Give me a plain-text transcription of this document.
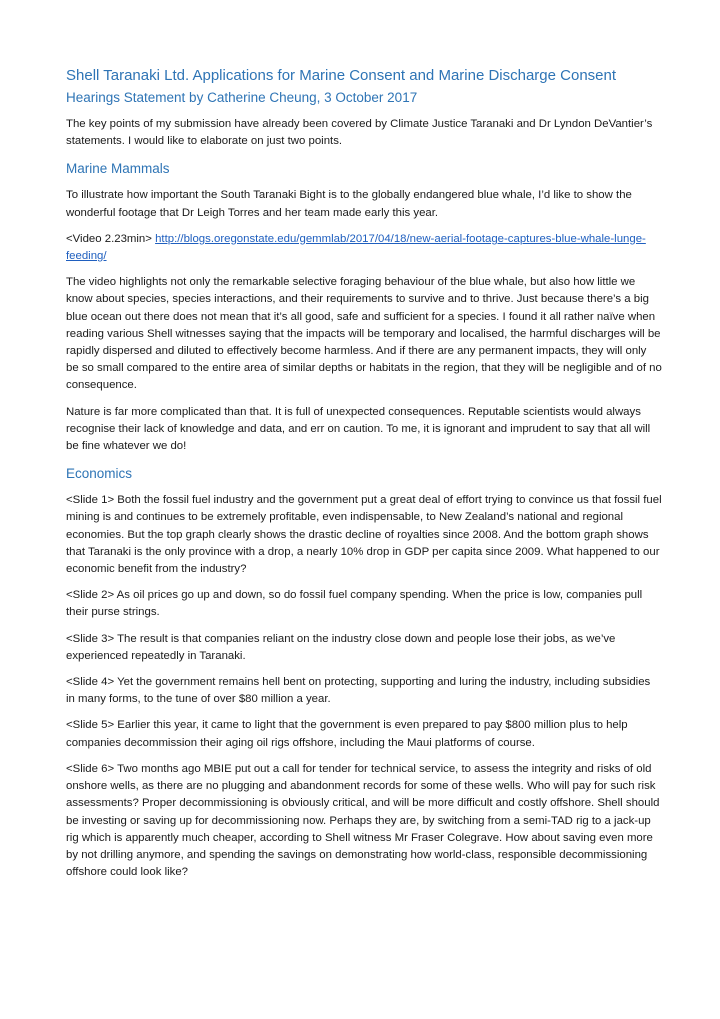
Shell Taranaki Ltd. Applications for Marine Consent and Marine Discharge Consent
Hearings Statement by Catherine Cheung, 3 October 2017

The key points of my submission have already been covered by Climate Justice Taranaki and Dr Lyndon DeVantier’s statements. I would like to elaborate on just two points.

Marine Mammals

To illustrate how important the South Taranaki Bight is to the globally endangered blue whale, I’d like to show the wonderful footage that Dr Leigh Torres and her team made early this year.

<Video 2.23min> http://blogs.oregonstate.edu/gemmlab/2017/04/18/new-aerial-footage-captures-blue-whale-lunge-feeding/

The video highlights not only the remarkable selective foraging behaviour of the blue whale, but also how little we know about species, species interactions, and their requirements to survive and to thrive. Just because there’s a big blue ocean out there does not mean that it’s all good, safe and sufficient for a species. I found it all rather naïve when reading various Shell witnesses saying that the impacts will be temporary and localised, the harmful discharges will be rapidly dispersed and diluted to effectively become harmless. And if there are any permanent impacts, they will only be so small compared to the entire area of similar depths or habitats in the region, that they will be negligible and of no consequence.

Nature is far more complicated than that. It is full of unexpected consequences. Reputable scientists would always recognise their lack of knowledge and data, and err on caution. To me, it is ignorant and imprudent to say that all will be fine whatever we do!

Economics

<Slide 1> Both the fossil fuel industry and the government put a great deal of effort trying to convince us that fossil fuel mining is and continues to be extremely profitable, even indispensable, to New Zealand’s national and regional economies. But the top graph clearly shows the drastic decline of royalties since 2008. And the bottom graph shows that Taranaki is the only province with a drop, a nearly 10% drop in GDP per capita since 2009. What happened to our economic benefit from the industry?

<Slide 2> As oil prices go up and down, so do fossil fuel company spending. When the price is low, companies pull their purse strings.

<Slide 3> The result is that companies reliant on the industry close down and people lose their jobs, as we’ve experienced repeatedly in Taranaki.

<Slide 4> Yet the government remains hell bent on protecting, supporting and luring the industry, including subsidies in many forms, to the tune of over $80 million a year.

<Slide 5> Earlier this year, it came to light that the government is even prepared to pay $800 million plus to help companies decommission their aging oil rigs offshore, including the Maui platforms of course.

<Slide 6> Two months ago MBIE put out a call for tender for technical service, to assess the integrity and risks of old onshore wells, as there are no plugging and abandonment records for some of these wells. Who will pay for such risk assessments? Proper decommissioning is obviously critical, and will be more difficult and costly offshore. Shell should be investing or saving up for decommissioning now. Perhaps they are, by switching from a semi-TAD rig to a jack-up rig which is apparently much cheaper, according to Shell witness Mr Fraser Colegrave. How about saving even more by not drilling anymore, and spending the savings on demonstrating how world-class, responsible decommissioning offshore could look like?
